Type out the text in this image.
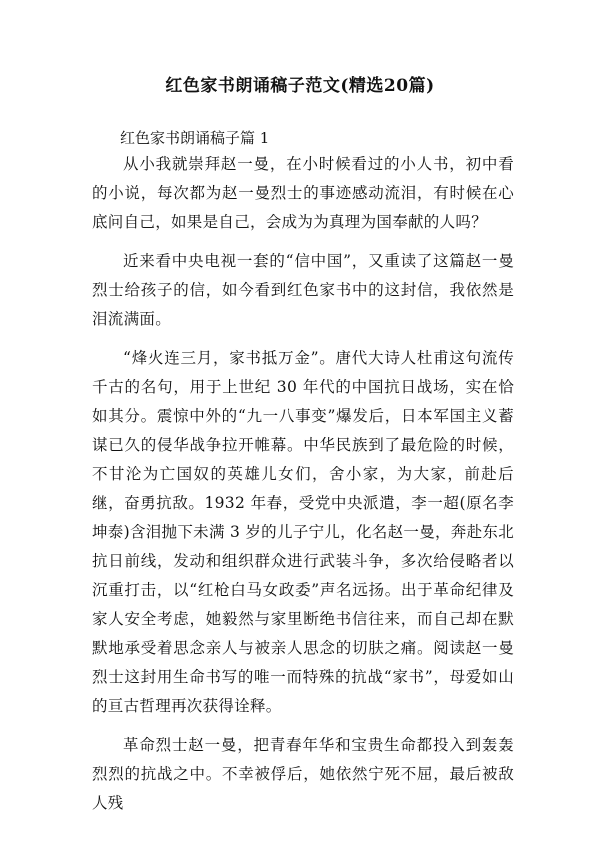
红色家书朗诵稿子范文(精选20篇)

红色家书朗诵稿子篇 1

从小我就崇拜赵一曼，在小时候看过的小人书，初中看的小说，每次都为赵一曼烈士的事迹感动流泪，有时候在心底问自己，如果是自己，会成为为真理为国奉献的人吗？

近来看中央电视一套的“信中国”，又重读了这篇赵一曼烈士给孩子的信，如今看到红色家书中的这封信，我依然是泪流满面。

“烽火连三月，家书抵万金”。唐代大诗人杜甫这句流传千古的名句，用于上世纪 30 年代的中国抗日战场，实在恰如其分。震惊中外的“九一八事变”爆发后，日本军国主义蓄谋已久的侵华战争拉开帷幕。中华民族到了最危险的时候，不甘沦为亡国奴的英雄儿女们，舍小家，为大家，前赴后继，奋勇抗敌。1932 年春，受党中央派遣，李一超(原名李坤泰)含泪抛下未满 3 岁的儿子宁儿，化名赵一曼，奔赴东北抗日前线，发动和组织群众进行武装斗争，多次给侵略者以沉重打击，以“红枪白马女政委”声名远扬。出于革命纪律及家人安全考虑，她毅然与家里断绝书信往来，而自己却在默默地承受着思念亲人与被亲人思念的切肤之痛。阅读赵一曼烈士这封用生命书写的唯一而特殊的抗战“家书”，母爱如山的亘古哲理再次获得诠释。

革命烈士赵一曼，把青春年华和宝贵生命都投入到轰轰烈烈的抗战之中。不幸被俘后，她依然宁死不屈，最后被敌人残
